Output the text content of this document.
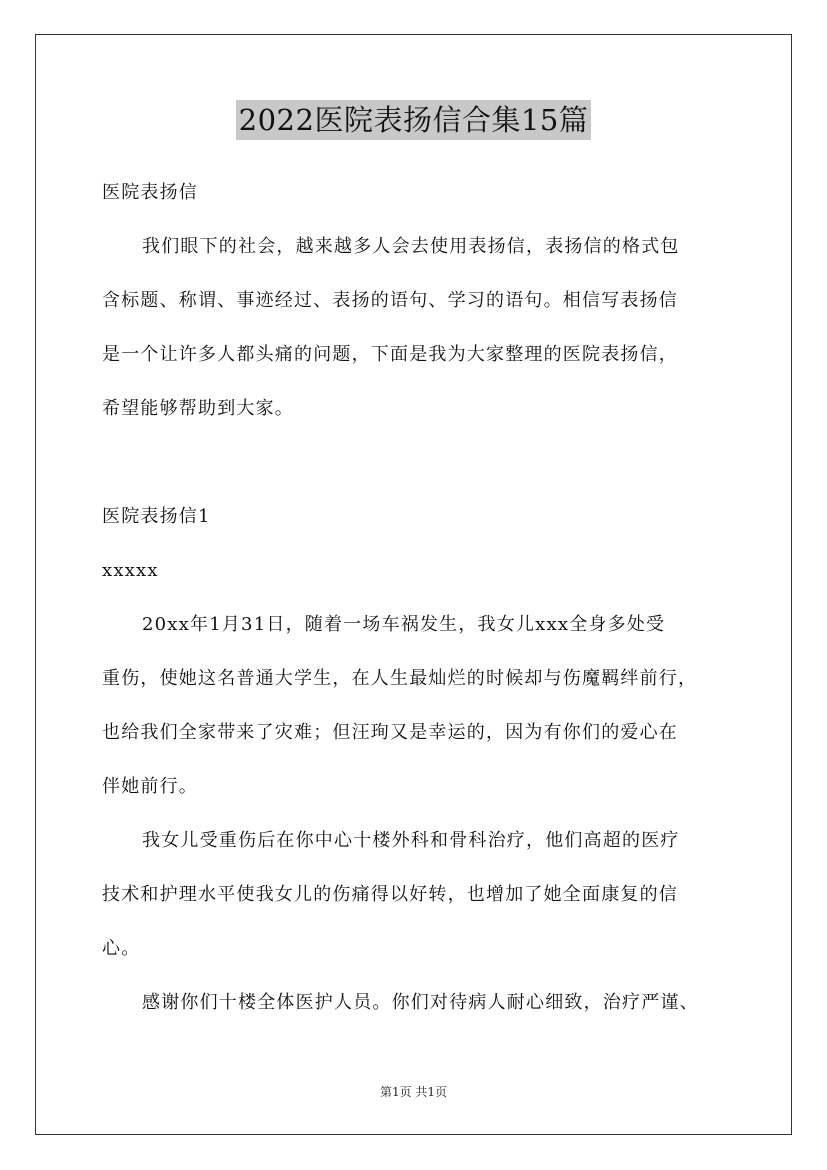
2022医院表扬信合集15篇
医院表扬信
我们眼下的社会，越来越多人会去使用表扬信，表扬信的格式包
含标题、称谓、事迹经过、表扬的语句、学习的语句。相信写表扬信
是一个让许多人都头痛的问题，下面是我为大家整理的医院表扬信，
希望能够帮助到大家。
医院表扬信1
xxxxx
20xx年1月31日，随着一场车祸发生，我女儿xxx全身多处受
重伤，使她这名普通大学生，在人生最灿烂的时候却与伤魔羁绊前行，
也给我们全家带来了灾难；但汪珣又是幸运的，因为有你们的爱心在
伴她前行。
我女儿受重伤后在你中心十楼外科和骨科治疗，他们高超的医疗
技术和护理水平使我女儿的伤痛得以好转，也增加了她全面康复的信
心。
感谢你们十楼全体医护人员。你们对待病人耐心细致，治疗严谨、
第1页 共1页
